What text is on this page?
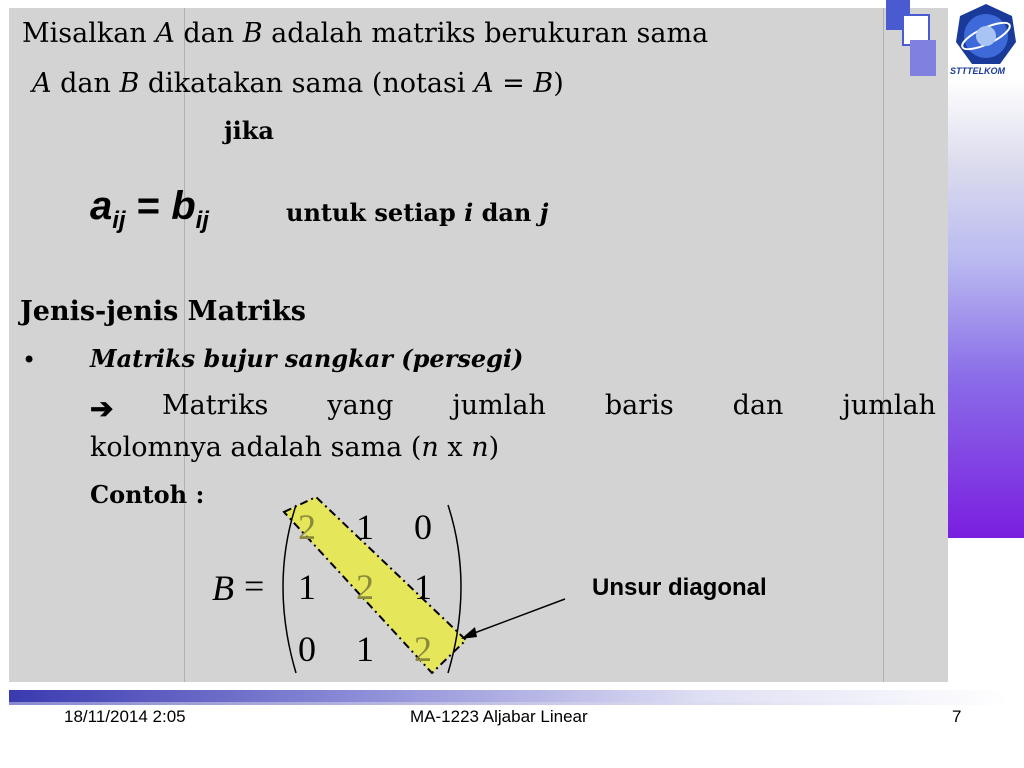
STTTELKOM
Misalkan A dan B adalah matriks berukuran sama
A dan B dikatakan sama (notasi A = B)
jika
$a_{ij} = b_{ij}$	untuk setiap i dan j
Jenis-jenis Matriks
• Matriks bujur sangkar (persegi)
➔ Matriks yang jumlah baris dan jumlah
kolomnya adalah sama (n x n)
Contoh :
B =
2 1 0
1 2 1
0 1 2
Unsur diagonal
18/11/2014 2:05	MA-1223 Aljabar Linear	7
